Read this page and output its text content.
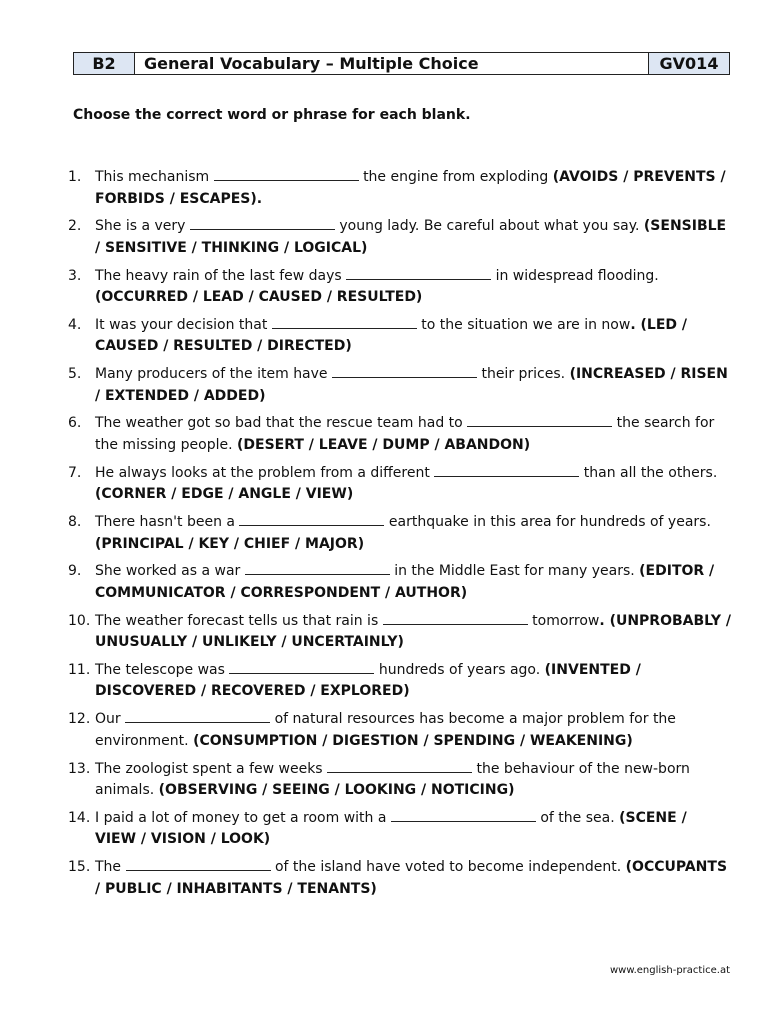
B2	General Vocabulary – Multiple Choice	GV014
Choose the correct word or phrase for each blank.
1. This mechanism	the engine from exploding (AVOIDS / PREVENTS / FORBIDS / ESCAPES).
2. She is a very	young lady. Be careful about what you say. (SENSIBLE / SENSITIVE / THINKING / LOGICAL)
3. The heavy rain of the last few days	in widespread flooding. (OCCURRED / LEAD / CAUSED / RESULTED)
4. It was your decision that	to the situation we are in now. (LED / CAUSED / RESULTED / DIRECTED)
5. Many producers of the item have	their prices. (INCREASED / RISEN / EXTENDED / ADDED)
6. The weather got so bad that the rescue team had to	the search for the missing people. (DESERT / LEAVE / DUMP / ABANDON)
7. He always looks at the problem from a different	than all the others. (CORNER / EDGE / ANGLE / VIEW)
8. There hasn't been a	earthquake in this area for hundreds of years. (PRINCIPAL / KEY / CHIEF / MAJOR)
9. She worked as a war	in the Middle East for many years. (EDITOR / COMMUNICATOR / CORRESPONDENT / AUTHOR)
10. The weather forecast tells us that rain is	tomorrow. (UNPROBABLY / UNUSUALLY / UNLIKELY / UNCERTAINLY)
11. The telescope was	hundreds of years ago. (INVENTED / DISCOVERED / RECOVERED / EXPLORED)
12. Our	of natural resources has become a major problem for the environment. (CONSUMPTION / DIGESTION / SPENDING / WEAKENING)
13. The zoologist spent a few weeks	the behaviour of the new-born animals. (OBSERVING / SEEING / LOOKING / NOTICING)
14. I paid a lot of money to get a room with a	of the sea. (SCENE / VIEW / VISION / LOOK)
15. The	of the island have voted to become independent. (OCCUPANTS / PUBLIC / INHABITANTS / TENANTS)
www.english-practice.at
